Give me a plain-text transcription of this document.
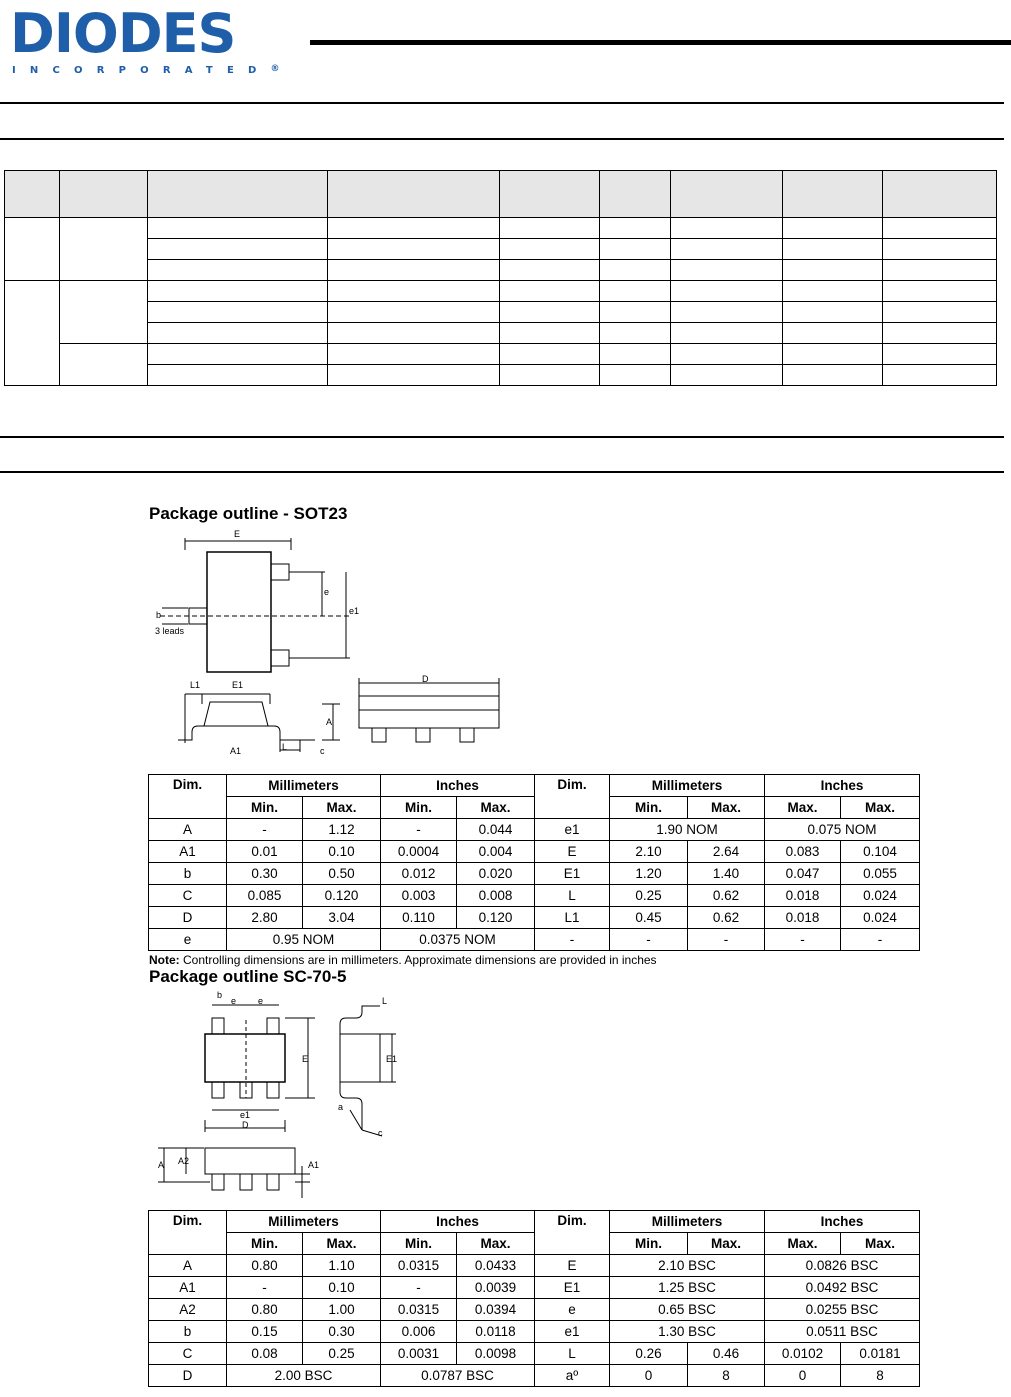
DIODES
INCORPORATED®

Package outline - SOT23
E
e
e1
b
3 leads
L1	E1
D
A
A1	L	c
Dim.	Millimeters		Inches		Dim.	Millimeters		Inches	
	Min.	Max.	Min.	Max.		Min.	Max.	Max.	Max.
A	-	1.12	-	0.044	e1	1.90 NOM		0.075 NOM	
A1	0.01	0.10	0.0004	0.004	E	2.10	2.64	0.083	0.104
b	0.30	0.50	0.012	0.020	E1	1.20	1.40	0.047	0.055
C	0.085	0.120	0.003	0.008	L	0.25	0.62	0.018	0.024
D	2.80	3.04	0.110	0.120	L1	0.45	0.62	0.018	0.024
e	0.95 NOM		0.0375 NOM		-	-	-	-	-
Note: Controlling dimensions are in millimeters. Approximate dimensions are provided in inches
Package outline SC-70-5
b
e e
E	E1
e1
D
L
c
a
A A2	A1
Dim.	Millimeters		Inches		Dim.	Millimeters		Inches	
	Min.	Max.	Min.	Max.		Min.	Max.	Max.	Max.
A	0.80	1.10	0.0315	0.0433	E	2.10 BSC		0.0826 BSC	
A1	-	0.10	-	0.0039	E1	1.25 BSC		0.0492 BSC	
A2	0.80	1.00	0.0315	0.0394	e	0.65 BSC		0.0255 BSC	
b	0.15	0.30	0.006	0.0118	e1	1.30 BSC		0.0511 BSC	
C	0.08	0.25	0.0031	0.0098	L	0.26	0.46	0.0102	0.0181
D	2.00 BSC		0.0787 BSC		aº	0	8	0	8
